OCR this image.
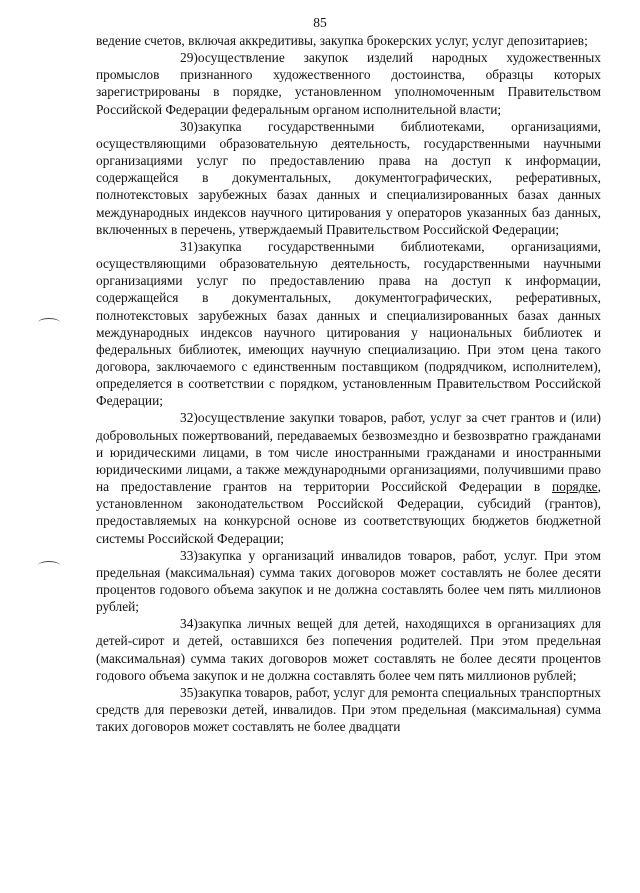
85

ведение счетов, включая аккредитивы, закупка брокерских услуг, услуг депозитариев;

29)осуществление закупок изделий народных художественных промыслов признанного художественного достоинства, образцы которых зарегистрированы в порядке, установленном уполномоченным Правительством Российской Федерации федеральным органом исполнительной власти;

30)закупка государственными библиотеками, организациями, осуществляющими образовательную деятельность, государственными научными организациями услуг по предоставлению права на доступ к информации, содержащейся в документальных, документографических, реферативных, полнотекстовых зарубежных базах данных и специализированных базах данных международных индексов научного цитирования у операторов указанных баз данных, включенных в перечень, утверждаемый Правительством Российской Федерации;

31)закупка государственными библиотеками, организациями, осуществляющими образовательную деятельность, государственными научными организациями услуг по предоставлению права на доступ к информации, содержащейся в документальных, документографических, реферативных, полнотекстовых зарубежных базах данных и специализированных базах данных международных индексов научного цитирования у национальных библиотек и федеральных библиотек, имеющих научную специализацию. При этом цена такого договора, заключаемого с единственным поставщиком (подрядчиком, исполнителем), определяется в соответствии с порядком, установленным Правительством Российской Федерации;

32)осуществление закупки товаров, работ, услуг за счет грантов и (или) добровольных пожертвований, передаваемых безвозмездно и безвозвратно гражданами и юридическими лицами, в том числе иностранными гражданами и иностранными юридическими лицами, а также международными организациями, получившими право на предоставление грантов на территории Российской Федерации в порядке, установленном законодательством Российской Федерации, субсидий (грантов), предоставляемых на конкурсной основе из соответствующих бюджетов бюджетной системы Российской Федерации;

33)закупка у организаций инвалидов товаров, работ, услуг. При этом предельная (максимальная) сумма таких договоров может составлять не более десяти процентов годового объема закупок и не должна составлять более чем пять миллионов рублей;

34)закупка личных вещей для детей, находящихся в организациях для детей-сирот и детей, оставшихся без попечения родителей. При этом предельная (максимальная) сумма таких договоров может составлять не более десяти процентов годового объема закупок и не должна составлять более чем пять миллионов рублей;

35)закупка товаров, работ, услуг для ремонта специальных транспортных средств для перевозки детей, инвалидов. При этом предельная (максимальная) сумма таких договоров может составлять не более двадцати
